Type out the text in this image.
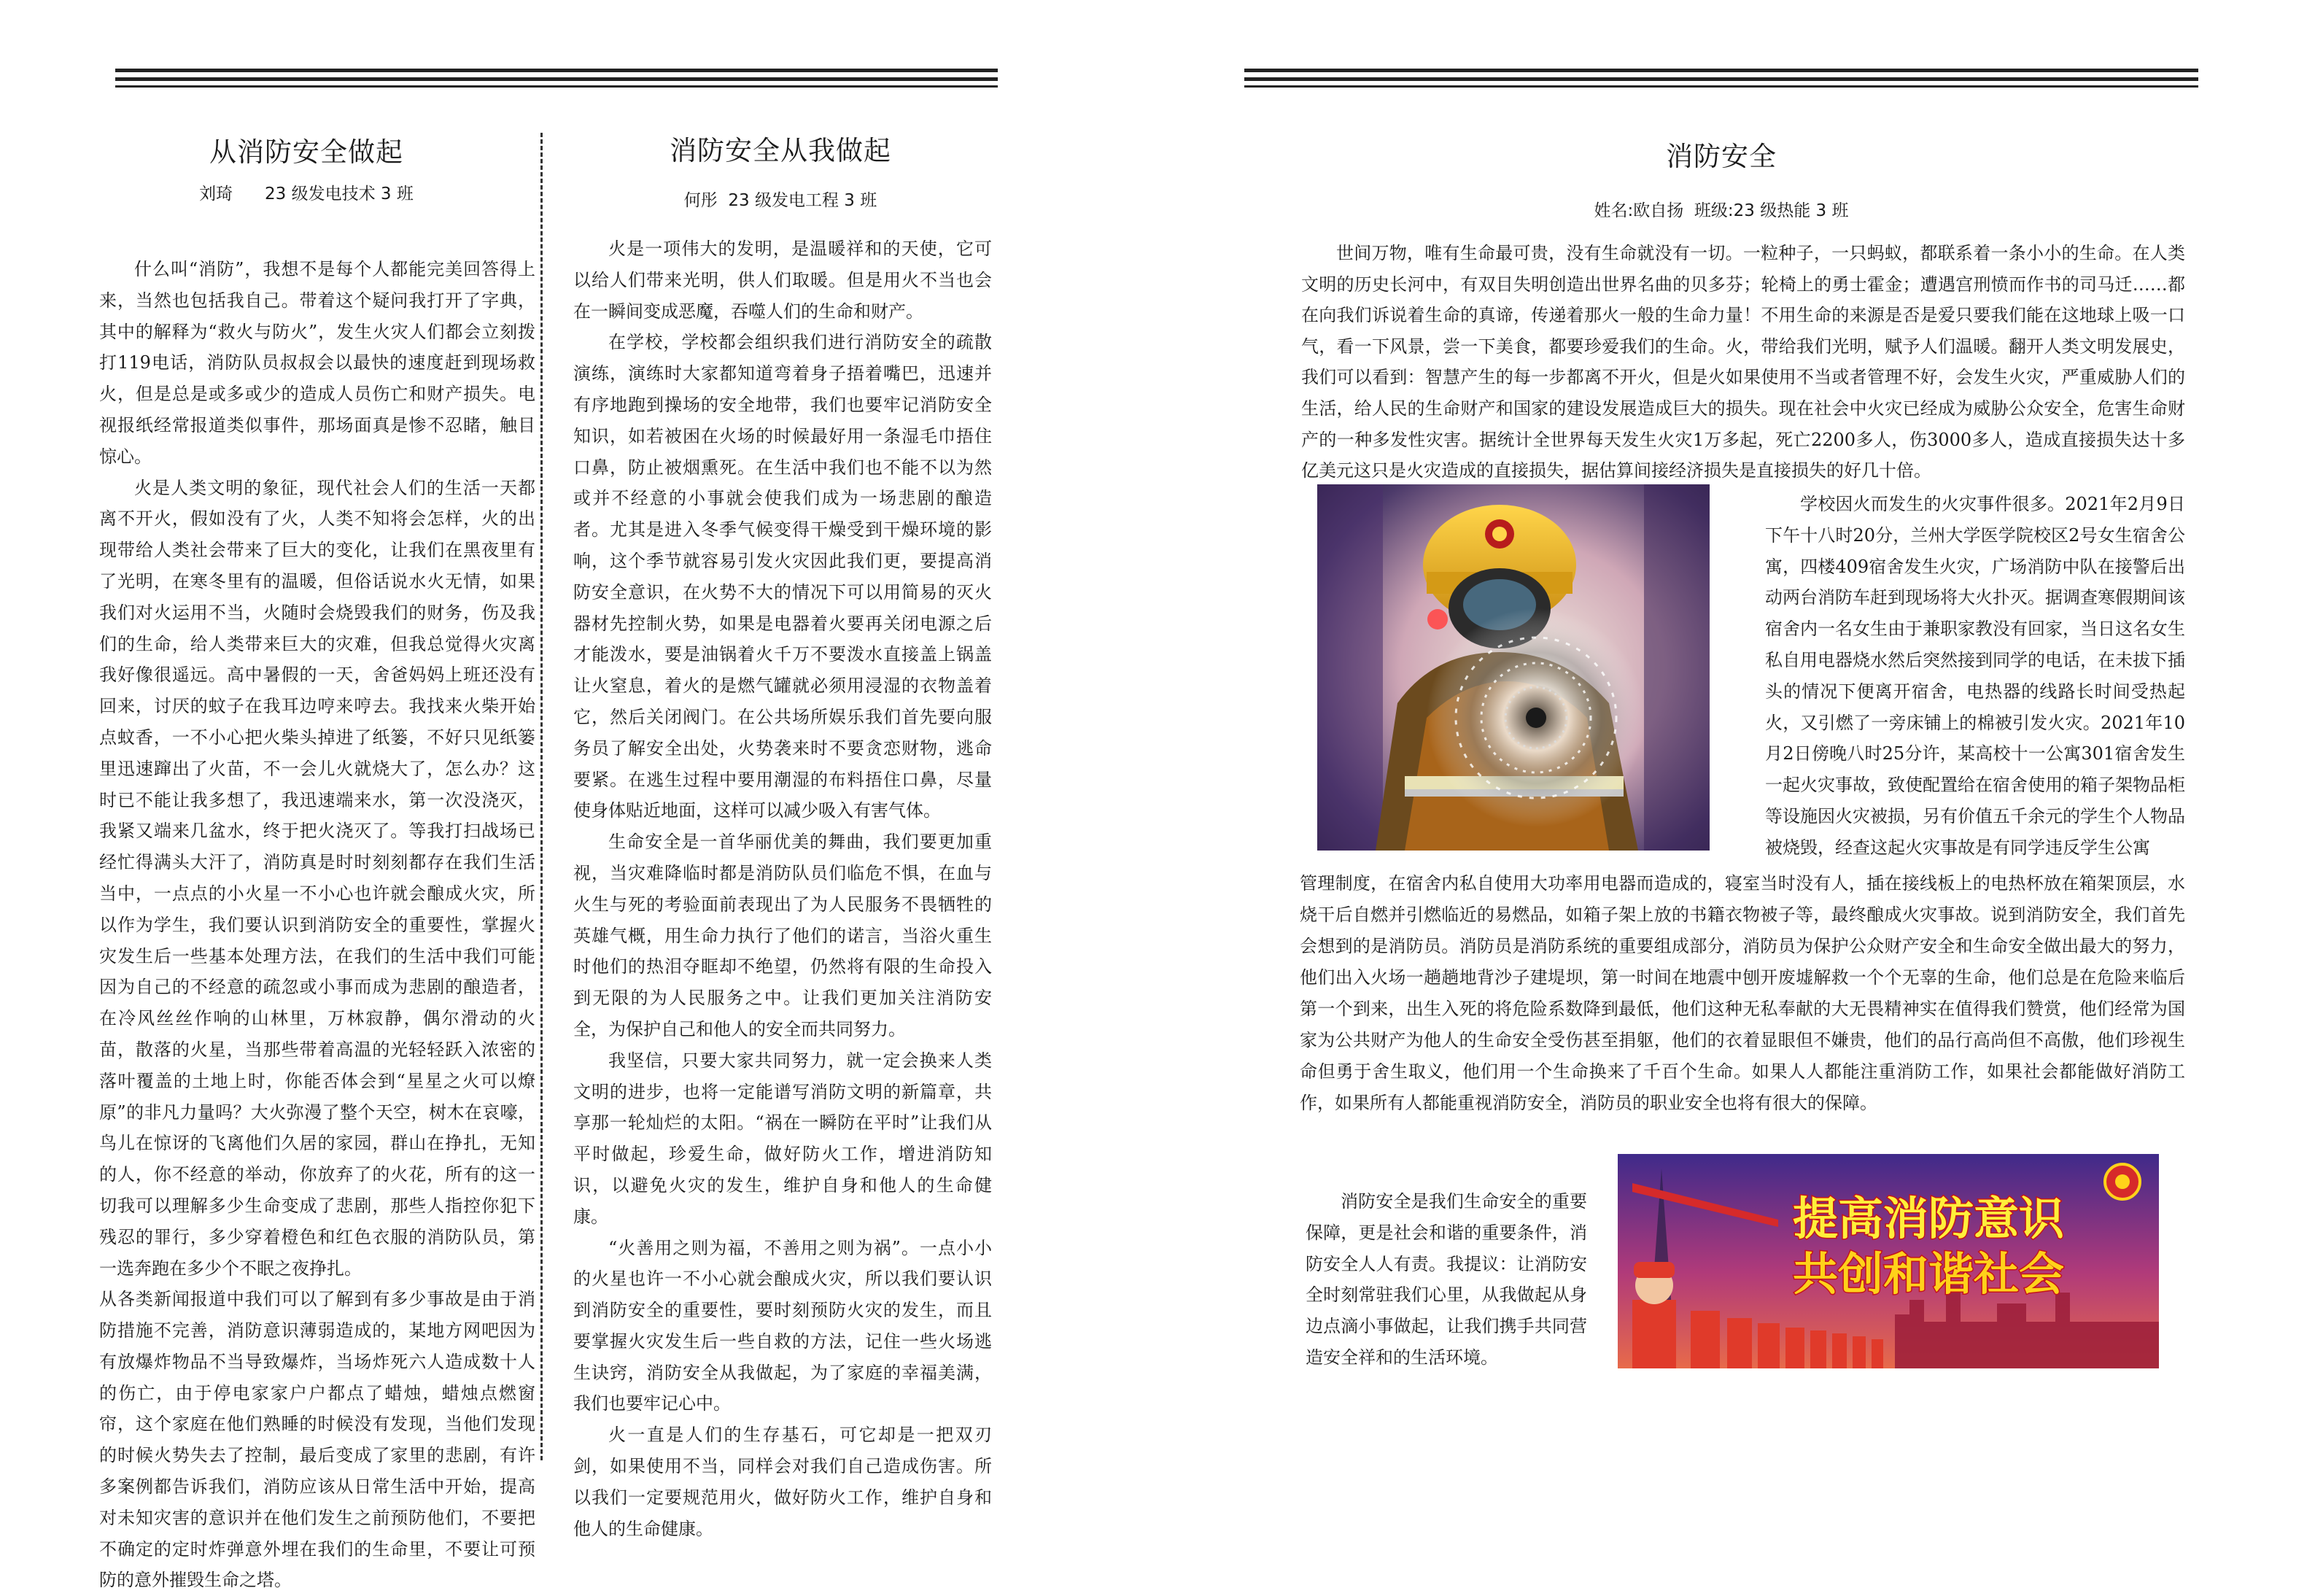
从消防安全做起
刘琦      23 级发电技术 3 班

什么叫“消防”，我想不是每个人都能完美回答得上来，当然也包括我自己。带着这个疑问我打开了字典，其中的解释为“救火与防火”，发生火灾人们都会立刻拨打119电话，消防队员叔叔会以最快的速度赶到现场救火，但是总是或多或少的造成人员伤亡和财产损失。电视报纸经常报道类似事件，那场面真是惨不忍睹，触目惊心。

火是人类文明的象征，现代社会人们的生活一天都离不开火，假如没有了火，人类不知将会怎样，火的出现带给人类社会带来了巨大的变化，让我们在黑夜里有了光明，在寒冬里有的温暖，但俗话说水火无情，如果我们对火运用不当，火随时会烧毁我们的财务，伤及我们的生命，给人类带来巨大的灾难，但我总觉得火灾离我好像很遥远。高中暑假的一天，舍爸妈妈上班还没有回来，讨厌的蚊子在我耳边哼来哼去。我找来火柴开始点蚊香，一不小心把火柴头掉进了纸篓，不好只见纸篓里迅速蹿出了火苗，不一会儿火就烧大了，怎么办？这时已不能让我多想了，我迅速端来水，第一次没浇灭，我紧又端来几盆水，终于把火浇灭了。等我打扫战场已经忙得满头大汗了，消防真是时时刻刻都存在我们生活当中，一点点的小火星一不小心也许就会酿成火灾，所以作为学生，我们要认识到消防安全的重要性，掌握火灾发生后一些基本处理方法，在我们的生活中我们可能因为自己的不经意的疏忽或小事而成为悲剧的酿造者，在冷风丝丝作响的山林里，万林寂静，偶尔滑动的火苗，散落的火星，当那些带着高温的光轻轻跃入浓密的落叶覆盖的土地上时，你能否体会到“星星之火可以燎原”的非凡力量吗？大火弥漫了整个天空，树木在哀嚎，鸟儿在惊讶的飞离他们久居的家园，群山在挣扎，无知的人，你不经意的举动，你放弃了的火花，所有的这一切我可以理解多少生命变成了悲剧，那些人指控你犯下残忍的罪行，多少穿着橙色和红色衣服的消防队员，第一选奔跑在多少个不眠之夜挣扎。

从各类新闻报道中我们可以了解到有多少事故是由于消防措施不完善，消防意识薄弱造成的，某地方网吧因为有放爆炸物品不当导致爆炸，当场炸死六人造成数十人的伤亡，由于停电家家户户都点了蜡烛，蜡烛点燃窗帘，这个家庭在他们熟睡的时候没有发现，当他们发现的时候火势失去了控制，最后变成了家里的悲剧，有许多案例都告诉我们，消防应该从日常生活中开始，提高对未知灾害的意识并在他们发生之前预防他们，不要把不确定的定时炸弹意外埋在我们的生命里，不要让可预防的意外摧毁生命之塔。

消防安全从我做起
何彤  23 级发电工程 3 班

火是一项伟大的发明，是温暖祥和的天使，它可以给人们带来光明，供人们取暖。但是用火不当也会在一瞬间变成恶魔，吞噬人们的生命和财产。

在学校，学校都会组织我们进行消防安全的疏散演练，演练时大家都知道弯着身子捂着嘴巴，迅速并有序地跑到操场的安全地带，我们也要牢记消防安全知识，如若被困在火场的时候最好用一条湿毛巾捂住口鼻，防止被烟熏死。在生活中我们也不能不以为然或并不经意的小事就会使我们成为一场悲剧的酿造者。尤其是进入冬季气候变得干燥受到干燥环境的影响，这个季节就容易引发火灾因此我们更，要提高消防安全意识，在火势不大的情况下可以用简易的灭火器材先控制火势，如果是电器着火要再关闭电源之后才能泼水，要是油锅着火千万不要泼水直接盖上锅盖让火窒息，着火的是燃气罐就必须用浸湿的衣物盖着它，然后关闭阀门。在公共场所娱乐我们首先要向服务员了解安全出处，火势袭来时不要贪恋财物，逃命要紧。在逃生过程中要用潮湿的布料捂住口鼻，尽量使身体贴近地面，这样可以减少吸入有害气体。

生命安全是一首华丽优美的舞曲，我们要更加重视，当灾难降临时都是消防队员们临危不惧，在血与火生与死的考验面前表现出了为人民服务不畏牺牲的英雄气概，用生命力执行了他们的诺言，当浴火重生时他们的热泪夺眶却不绝望，仍然将有限的生命投入到无限的为人民服务之中。让我们更加关注消防安全，为保护自己和他人的安全而共同努力。

我坚信，只要大家共同努力，就一定会换来人类文明的进步，也将一定能谱写消防文明的新篇章，共享那一轮灿烂的太阳。“祸在一瞬防在平时”让我们从平时做起，珍爱生命，做好防火工作，增进消防知识，以避免火灾的发生，维护自身和他人的生命健康。

“火善用之则为福，不善用之则为祸”。一点小小的火星也许一不小心就会酿成火灾，所以我们要认识到消防安全的重要性，要时刻预防火灾的发生，而且要掌握火灾发生后一些自救的方法，记住一些火场逃生诀窍，消防安全从我做起，为了家庭的幸福美满，我们也要牢记心中。

火一直是人们的生存基石，可它却是一把双刃剑，如果使用不当，同样会对我们自己造成伤害。所以我们一定要规范用火，做好防火工作，维护自身和他人的生命健康。

消防安全
姓名:欧自扬  班级:23 级热能 3 班

世间万物，唯有生命最可贵，没有生命就没有一切。一粒种子，一只蚂蚁，都联系着一条小小的生命。在人类文明的历史长河中，有双目失明创造出世界名曲的贝多芬；轮椅上的勇士霍金；遭遇宫刑愤而作书的司马迁……都在向我们诉说着生命的真谛，传递着那火一般的生命力量！不用生命的来源是否是爱只要我们能在这地球上吸一口气，看一下风景，尝一下美食，都要珍爱我们的生命。火，带给我们光明，赋予人们温暖。翻开人类文明发展史，我们可以看到：智慧产生的每一步都离不开火，但是火如果使用不当或者管理不好，会发生火灾，严重威胁人们的生活，给人民的生命财产和国家的建设发展造成巨大的损失。现在社会中火灾已经成为威胁公众安全，危害生命财产的一种多发性灾害。据统计全世界每天发生火灾1万多起，死亡2200多人，伤3000多人，造成直接损失达十多亿美元这只是火灾造成的直接损失，据估算间接经济损失是直接损失的好几十倍。

学校因火而发生的火灾事件很多。2021年2月9日下午十八时20分，兰州大学医学院校区2号女生宿舍公寓，四楼409宿舍发生火灾，广场消防中队在接警后出动两台消防车赶到现场将大火扑灭。据调查寒假期间该宿舍内一名女生由于兼职家教没有回家，当日这名女生私自用电器烧水然后突然接到同学的电话，在未拔下插头的情况下便离开宿舍，电热器的线路长时间受热起火，又引燃了一旁床铺上的棉被引发火灾。2021年10月2日傍晚八时25分许，某高校十一公寓301宿舍发生一起火灾事故，致使配置给在宿舍使用的箱子架物品柜等设施因火灾被损，另有价值五千余元的学生个人物品被烧毁，经查这起火灾事故是有同学违反学生公寓

管理制度，在宿舍内私自使用大功率用电器而造成的，寝室当时没有人，插在接线板上的电热杯放在箱架顶层，水烧干后自燃并引燃临近的易燃品，如箱子架上放的书籍衣物被子等，最终酿成火灾事故。说到消防安全，我们首先会想到的是消防员。消防员是消防系统的重要组成部分，消防员为保护公众财产安全和生命安全做出最大的努力，他们出入火场一趟趟地背沙子建堤坝，第一时间在地震中刨开废墟解救一个个无辜的生命，他们总是在危险来临后第一个到来，出生入死的将危险系数降到最低，他们这种无私奉献的大无畏精神实在值得我们赞赏，他们经常为国家为公共财产为他人的生命安全受伤甚至捐躯，他们的衣着显眼但不嫌贵，他们的品行高尚但不高傲，他们珍视生命但勇于舍生取义，他们用一个生命换来了千百个生命。如果人人都能注重消防工作，如果社会都能做好消防工作，如果所有人都能重视消防安全，消防员的职业安全也将有很大的保障。

消防安全是我们生命安全的重要保障，更是社会和谐的重要条件，消防安全人人有责。我提议：让消防安全时刻常驻我们心里，从我做起从身边点滴小事做起，让我们携手共同营造安全祥和的生活环境。

提高消防意识
共创和谐社会
